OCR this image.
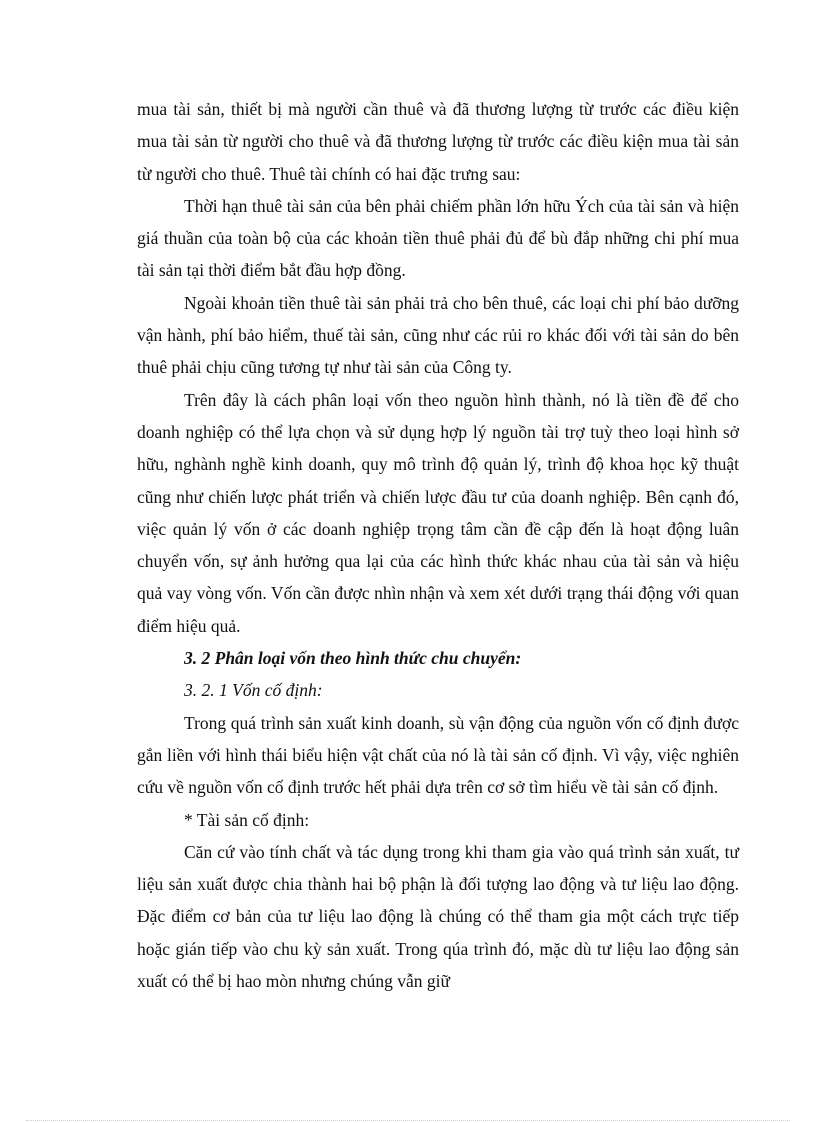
mua tài sản, thiết bị mà người cần thuê và đã thương lượng từ trước các điều kiện mua tài sản từ người cho thuê và đã thương lượng từ trước các điều kiện mua tài sản từ người cho thuê. Thuê tài chính có hai đặc trưng sau:

Thời hạn thuê tài sản của bên phải chiếm phần lớn hữu Ých của tài sản và hiện giá thuần của toàn bộ của các khoản tiền thuê phải đủ để bù đắp những chi phí mua tài sản tại thời điểm bắt đầu hợp đồng.

Ngoài khoản tiền thuê tài sản phải trả cho bên thuê, các loại chi phí bảo dưỡng vận hành, phí bảo hiểm, thuế tài sản, cũng như các rủi ro khác đối với tài sản do bên thuê phải chịu cũng tương tự như tài sản của Công ty.

Trên đây là cách phân loại vốn theo nguồn hình thành, nó là tiền đề để cho doanh nghiệp có thể lựa chọn và sử dụng hợp lý nguồn tài trợ tuỳ theo loại hình sở hữu, nghành nghề kinh doanh, quy mô trình độ quản lý, trình độ khoa học kỹ thuật cũng như chiến lược phát triển và chiến lược đầu tư của doanh nghiệp. Bên cạnh đó, việc quản lý vốn ở các doanh nghiệp trọng tâm cần đề cập đến là hoạt động luân chuyển vốn, sự ảnh hưởng qua lại của các hình thức khác nhau của tài sản và hiệu quả vay vòng vốn. Vốn cần được nhìn nhận và xem xét dưới trạng thái động với quan điểm hiệu quả.

3. 2 Phân loại vốn theo hình thức chu chuyển:

3. 2. 1 Vốn cố định:

Trong quá trình sản xuất kinh doanh, sù vận động của nguồn vốn cố định được gắn liền với hình thái biểu hiện vật chất của nó là tài sản cố định. Vì vậy, việc nghiên cứu về nguồn vốn cố định trước hết phải dựa trên cơ sở tìm hiểu về tài sản cố định.

* Tài sản cố định:

Căn cứ vào tính chất và tác dụng trong khi tham gia vào quá trình sản xuất, tư liệu sản xuất được chia thành hai bộ phận là đối tượng lao động và tư liệu lao động. Đặc điểm cơ bản của tư liệu lao động là chúng có thể tham gia một cách trực tiếp hoặc gián tiếp vào chu kỳ sản xuất. Trong qúa trình đó, mặc dù tư liệu lao động sản xuất có thể bị hao mòn nhưng chúng vẫn giữ
